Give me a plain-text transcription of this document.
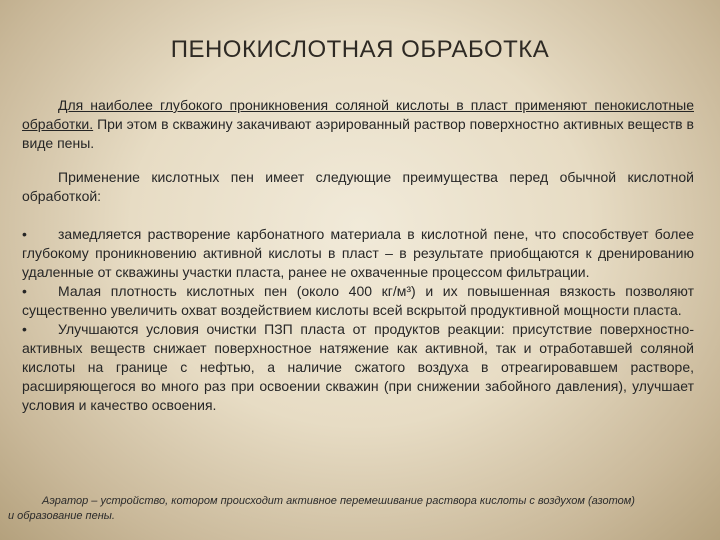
ПЕНОКИСЛОТНАЯ ОБРАБОТКА

Для наиболее глубокого проникновения соляной кислоты в пласт применяют пенокислотные обработки. При этом в скважину закачивают аэрированный раствор поверхностно активных веществ в виде пены.

Применение кислотных пен имеет следующие преимущества перед обычной кислотной обработкой:

• замедляется растворение карбонатного материала в кислотной пене, что способствует более глубокому проникновению активной кислоты в пласт – в результате приобщаются к дренированию удаленные от скважины участки пласта, ранее не охваченные процессом фильтрации.

• Малая плотность кислотных пен (около 400 кг/м³) и их повышенная вязкость позволяют существенно увеличить охват воздействием кислоты всей вскрытой продуктивной мощности пласта.

• Улучшаются условия очистки ПЗП пласта от продуктов реакции: присутствие поверхностно-активных веществ снижает поверхностное натяжение как активной, так и отработавшей соляной кислоты на границе с нефтью, а наличие сжатого воздуха в отреагировавшем растворе, расширяющегося во много раз при освоении скважин (при снижении забойного давления), улучшает условия и качество освоения.

Аэратор – устройство, котором происходит активное перемешивание раствора кислоты с воздухом (азотом)
и образование пены.
